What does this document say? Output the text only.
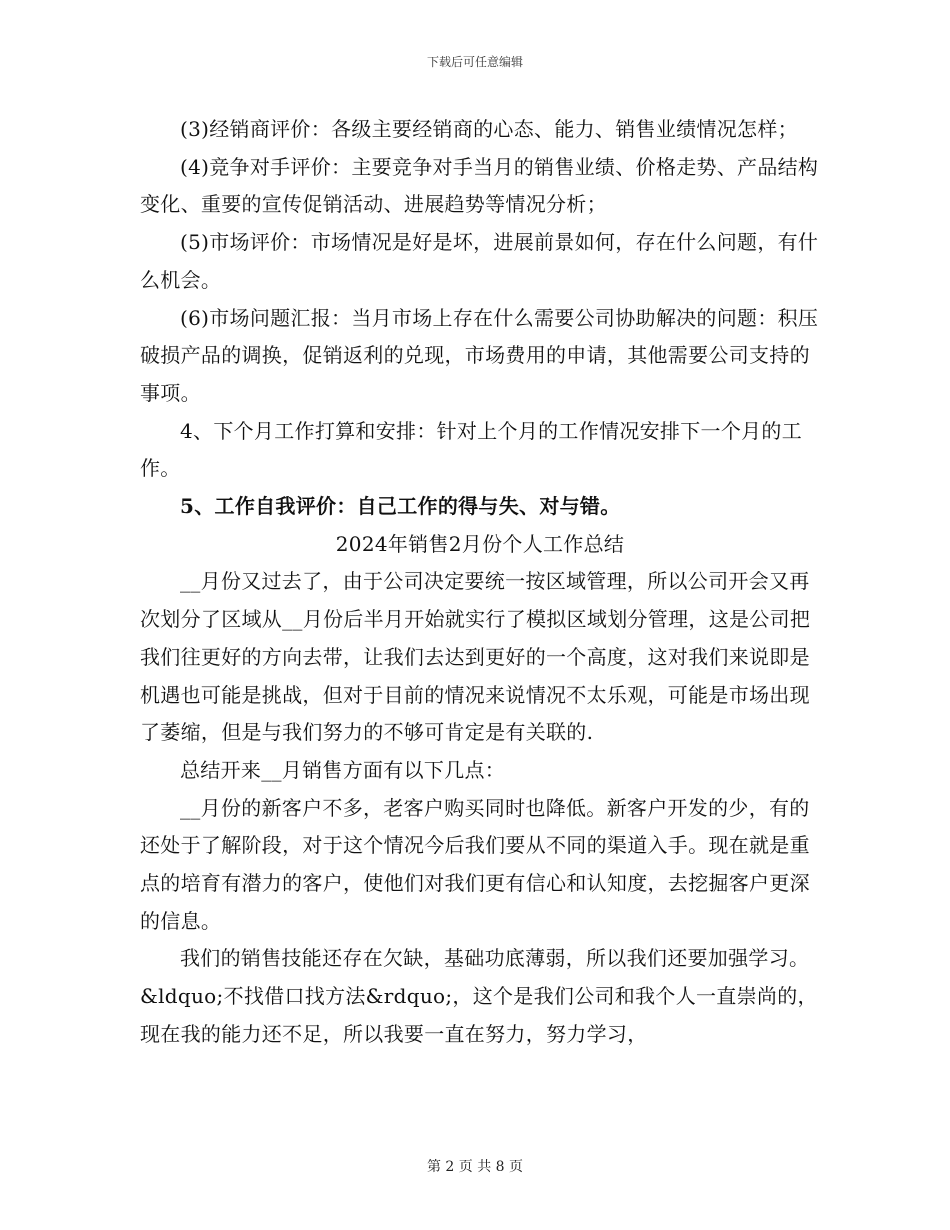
下载后可任意编辑

(3)经销商评价：各级主要经销商的心态、能力、销售业绩情况怎样；

(4)竞争对手评价：主要竞争对手当月的销售业绩、价格走势、产品结构变化、重要的宣传促销活动、进展趋势等情况分析；

(5)市场评价：市场情况是好是坏，进展前景如何，存在什么问题，有什么机会。

(6)市场问题汇报：当月市场上存在什么需要公司协助解决的问题：积压破损产品的调换，促销返利的兑现，市场费用的申请，其他需要公司支持的事项。

4、下个月工作打算和安排：针对上个月的工作情况安排下一个月的工作。

5、工作自我评价：自己工作的得与失、对与错。

2024年销售2月份个人工作总结

__月份又过去了，由于公司决定要统一按区域管理，所以公司开会又再次划分了区域从__月份后半月开始就实行了模拟区域划分管理，这是公司把我们往更好的方向去带，让我们去达到更好的一个高度，这对我们来说即是机遇也可能是挑战，但对于目前的情况来说情况不太乐观，可能是市场出现了萎缩，但是与我们努力的不够可肯定是有关联的.

总结开来__月销售方面有以下几点：

__月份的新客户不多，老客户购买同时也降低。新客户开发的少，有的还处于了解阶段，对于这个情况今后我们要从不同的渠道入手。现在就是重点的培育有潜力的客户，使他们对我们更有信心和认知度，去挖掘客户更深的信息。

我们的销售技能还存在欠缺，基础功底薄弱，所以我们还要加强学习。&ldquo;不找借口找方法&rdquo;，这个是我们公司和我个人一直崇尚的，现在我的能力还不足，所以我要一直在努力，努力学习，

第 2 页 共 8 页
